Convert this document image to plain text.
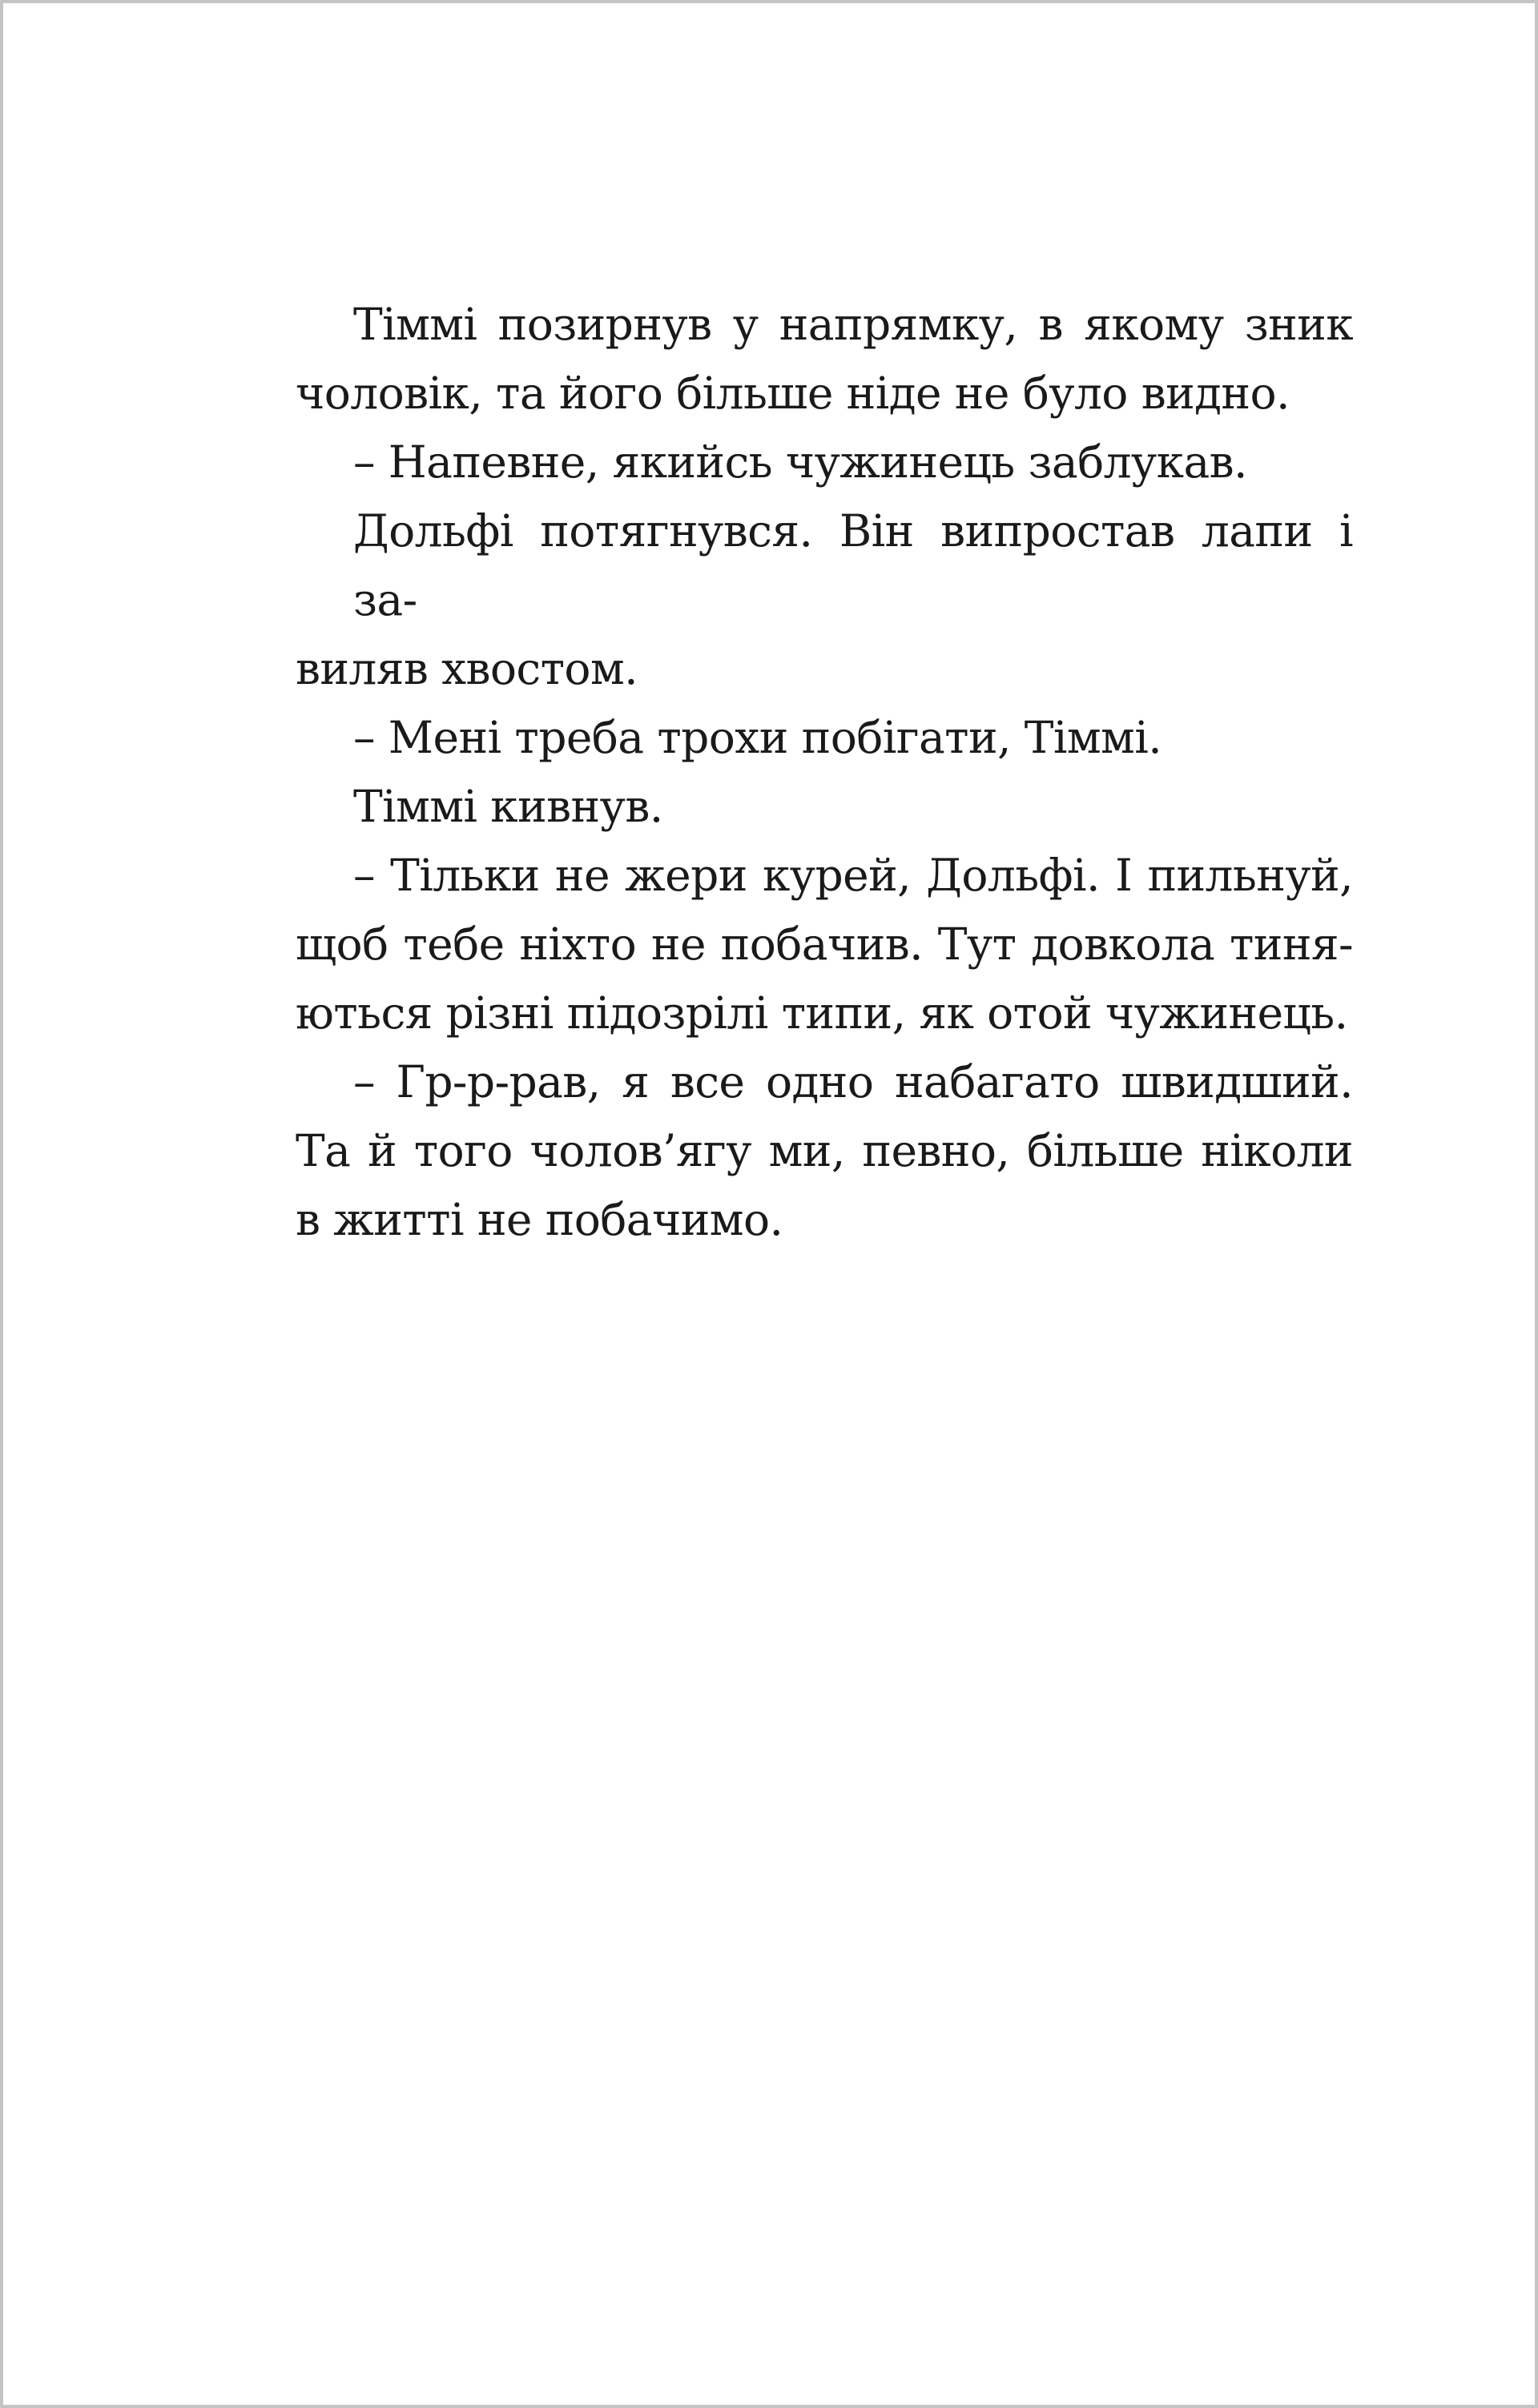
Тіммі позирнув у напрямку, в якому зник
чоловік, та його більше ніде не було видно.

– Напевне, якийсь чужинець заблукав.

Дольфі потягнувся. Він випростав лапи і за-
виляв хвостом.

– Мені треба трохи побігати, Тіммі.

Тіммі кивнув.

– Тільки не жери курей, Дольфі. І пильнуй,
щоб тебе ніхто не побачив. Тут довкола тиня-
ються різні підозрілі типи, як отой чужинець.

– Гр-р-рав, я все одно набагато швидший.
Та й того чолов’ягу ми, певно, більше ніколи
в житті не побачимо.
